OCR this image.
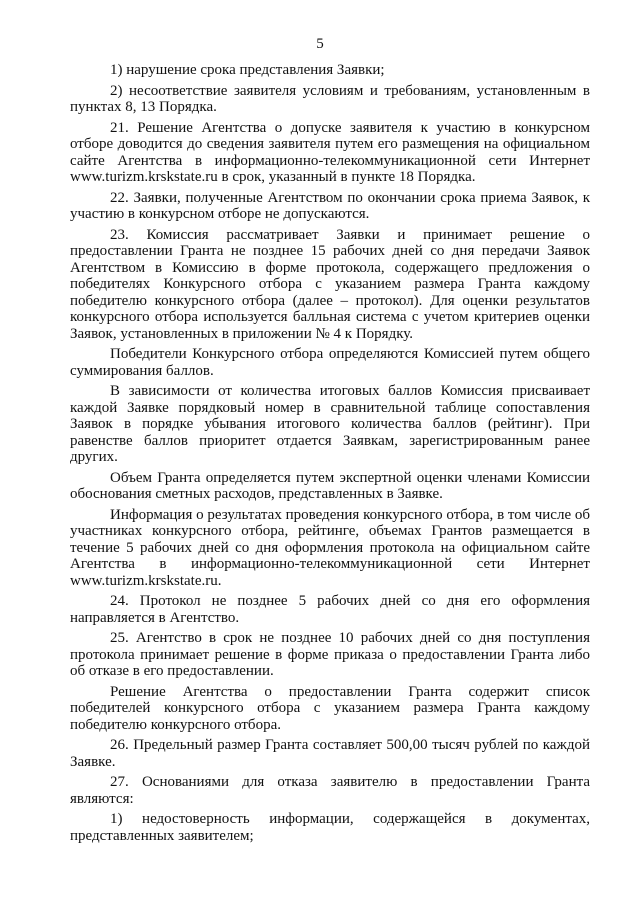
5

1) нарушение срока представления Заявки;

2) несоответствие заявителя условиям и требованиям, установленным в пунктах 8, 13 Порядка.

21. Решение Агентства о допуске заявителя к участию в конкурсном отборе доводится до сведения заявителя путем его размещения на официальном сайте Агентства в информационно-телекоммуникационной сети Интернет www.turizm.krskstate.ru в срок, указанный в пункте 18 Порядка.

22. Заявки, полученные Агентством по окончании срока приема Заявок, к участию в конкурсном отборе не допускаются.

23. Комиссия рассматривает Заявки и принимает решение о предоставлении Гранта не позднее 15 рабочих дней со дня передачи Заявок Агентством в Комиссию в форме протокола, содержащего предложения о победителях Конкурсного отбора с указанием размера Гранта каждому победителю конкурсного отбора (далее – протокол). Для оценки результатов конкурсного отбора используется балльная система с учетом критериев оценки Заявок, установленных в приложении № 4 к Порядку.

Победители Конкурсного отбора определяются Комиссией путем общего суммирования баллов.

В зависимости от количества итоговых баллов Комиссия присваивает каждой Заявке порядковый номер в сравнительной таблице сопоставления Заявок в порядке убывания итогового количества баллов (рейтинг). При равенстве баллов приоритет отдается Заявкам, зарегистрированным ранее других.

Объем Гранта определяется путем экспертной оценки членами Комиссии обоснования сметных расходов, представленных в Заявке.

Информация о результатах проведения конкурсного отбора, в том числе об участниках конкурсного отбора, рейтинге, объемах Грантов размещается в течение 5 рабочих дней со дня оформления протокола на официальном сайте Агентства в информационно-телекоммуникационной сети Интернет www.turizm.krskstate.ru.

24. Протокол не позднее 5 рабочих дней со дня его оформления направляется в Агентство.

25. Агентство в срок не позднее 10 рабочих дней со дня поступления протокола принимает решение в форме приказа о предоставлении Гранта либо об отказе в его предоставлении.

Решение Агентства о предоставлении Гранта содержит список победителей конкурсного отбора с указанием размера Гранта каждому победителю конкурсного отбора.

26. Предельный размер Гранта составляет 500,00 тысяч рублей по каждой Заявке.

27. Основаниями для отказа заявителю в предоставлении Гранта являются:

1) недостоверность информации, содержащейся в документах, представленных заявителем;
